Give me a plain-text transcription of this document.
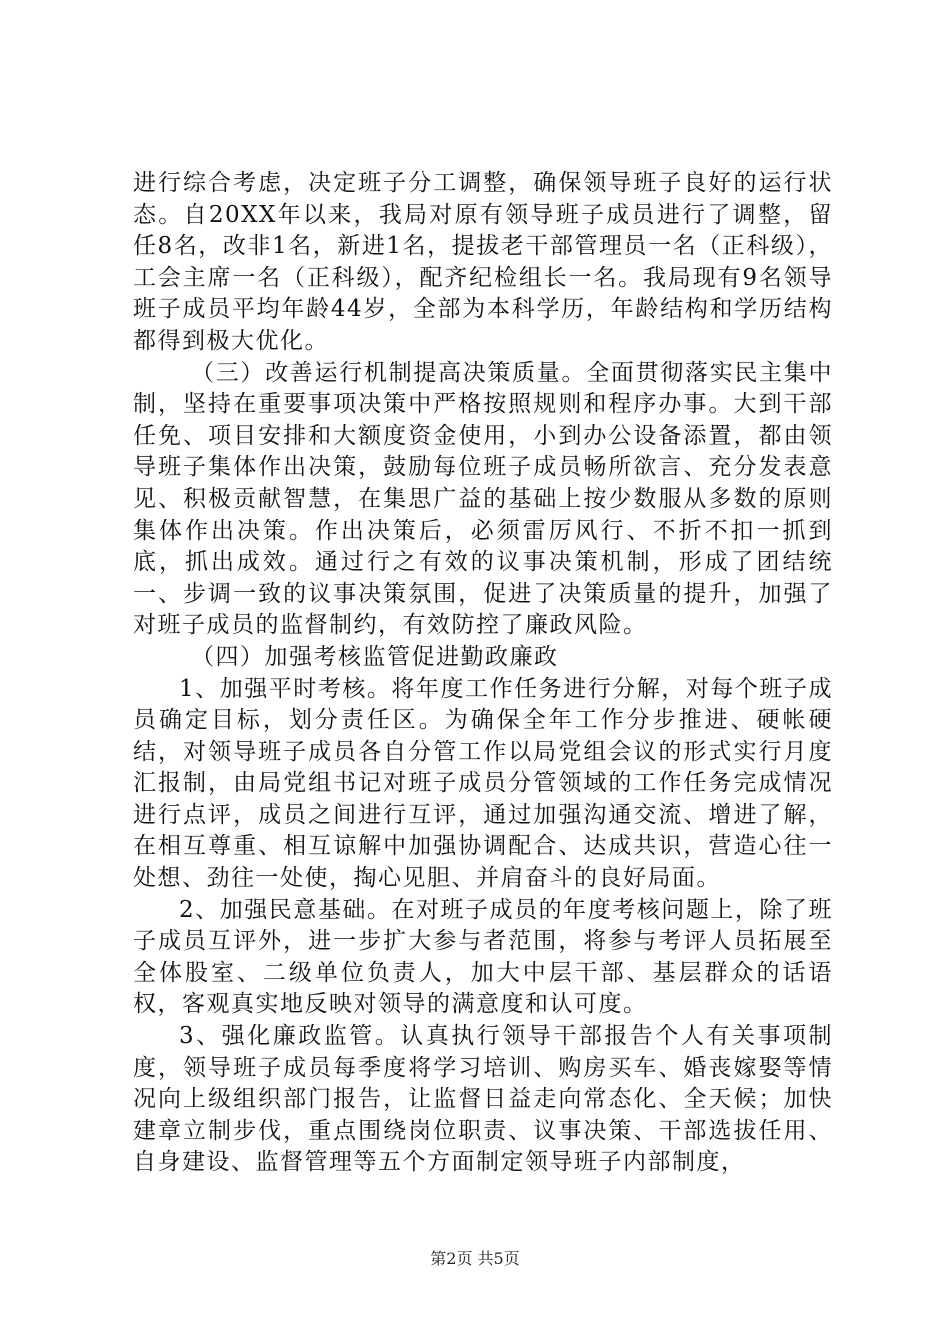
进行综合考虑，决定班子分工调整，确保领导班子良好的运行状态。自20XX年以来，我局对原有领导班子成员进行了调整，留任8名，改非1名，新进1名，提拔老干部管理员一名（正科级），工会主席一名（正科级），配齐纪检组长一名。我局现有9名领导班子成员平均年龄44岁，全部为本科学历，年龄结构和学历结构都得到极大优化。

（三）改善运行机制提高决策质量。全面贯彻落实民主集中制，坚持在重要事项决策中严格按照规则和程序办事。大到干部任免、项目安排和大额度资金使用，小到办公设备添置，都由领导班子集体作出决策，鼓励每位班子成员畅所欲言、充分发表意见、积极贡献智慧，在集思广益的基础上按少数服从多数的原则集体作出决策。作出决策后，必须雷厉风行、不折不扣一抓到底，抓出成效。通过行之有效的议事决策机制，形成了团结统一、步调一致的议事决策氛围，促进了决策质量的提升，加强了对班子成员的监督制约，有效防控了廉政风险。

（四）加强考核监管促进勤政廉政

1、加强平时考核。将年度工作任务进行分解，对每个班子成员确定目标，划分责任区。为确保全年工作分步推进、硬帐硬结，对领导班子成员各自分管工作以局党组会议的形式实行月度汇报制，由局党组书记对班子成员分管领域的工作任务完成情况进行点评，成员之间进行互评，通过加强沟通交流、增进了解，在相互尊重、相互谅解中加强协调配合、达成共识，营造心往一处想、劲往一处使，掏心见胆、并肩奋斗的良好局面。

2、加强民意基础。在对班子成员的年度考核问题上，除了班子成员互评外，进一步扩大参与者范围，将参与考评人员拓展至全体股室、二级单位负责人，加大中层干部、基层群众的话语权，客观真实地反映对领导的满意度和认可度。

3、强化廉政监管。认真执行领导干部报告个人有关事项制度，领导班子成员每季度将学习培训、购房买车、婚丧嫁娶等情况向上级组织部门报告，让监督日益走向常态化、全天候；加快建章立制步伐，重点围绕岗位职责、议事决策、干部选拔任用、自身建设、监督管理等五个方面制定领导班子内部制度，

第2页 共5页
